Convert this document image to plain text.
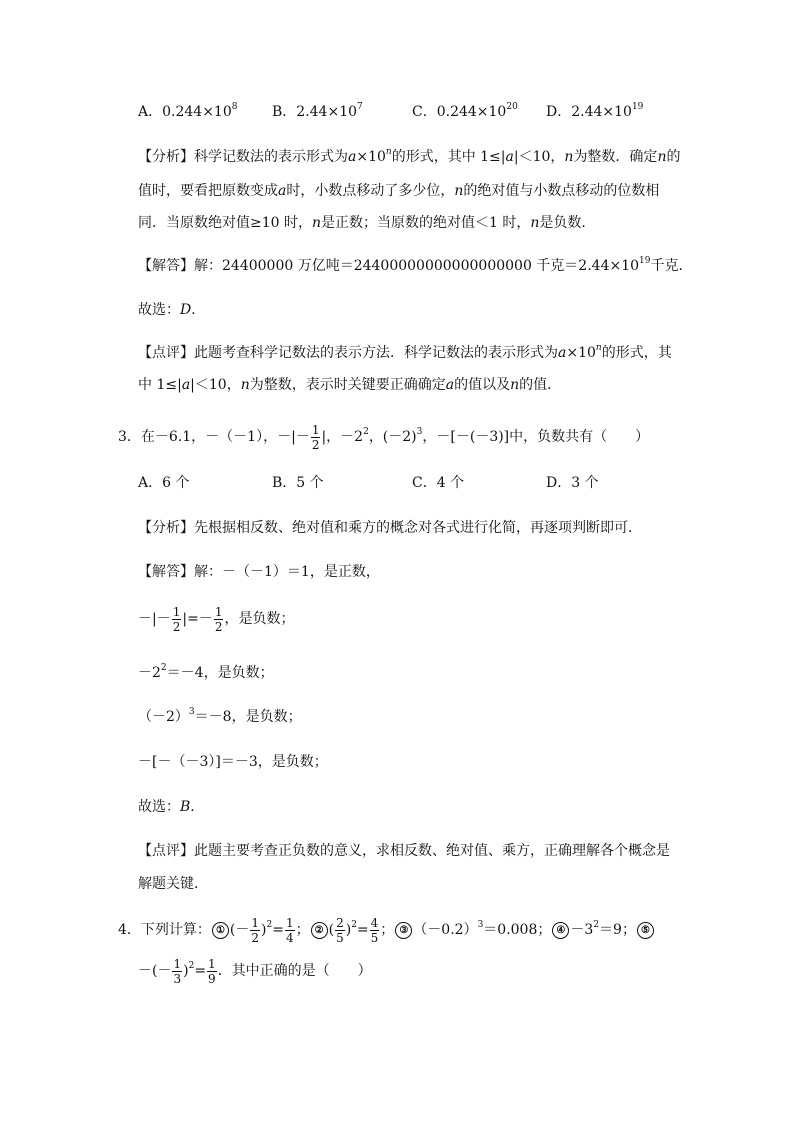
A．$0.244\times 10^8$ B．$2.44\times 10^7$	C．$0.244\times 10^{20}$ D．$2.44\times 10^{19}$
【分析】科学记数法的表示形式为$a\times 10^n$的形式，其中 1≤|a|＜10，n为整数．确定n的
值时，要看把原数变成a时，小数点移动了多少位，n的绝对值与小数点移动的位数相
同．当原数绝对值≥10 时，n是正数；当原数的绝对值＜1 时，n是负数．
【解答】解：24400000 万亿吨＝24400000000000000000 千克$=2.44\times 10^{19}$千克．
故选：D．
【点评】此题考查科学记数法的表示方法．科学记数法的表示形式为$a\times 10^n$的形式，其
中 1≤|a|＜10，n为整数，表示时关键要正确确定a的值以及n的值．
3．在－6.1，－（－1），－|－ $\frac{1}{2}$ |，$-2^2$，$(-2)^3$，－[－(－3)]中，负数共有（　　）
A．6 个	B．5 个	C．4 个	D．3 个
【分析】先根据相反数、绝对值和乘方的概念对各式进行化简，再逐项判断即可．
【解答】解：－（－1）＝1，是正数，
－|－ $\frac{1}{2}$ |=－ $\frac{1}{2}$ ，是负数；
$-2^2=-4$，是负数；
$(-2)^3=-8$，是负数；
－[－（－3）]＝－3，是负数；
故选：B．
【点评】此题主要考查正负数的意义，求相反数、绝对值、乘方，正确理解各个概念是
解题关键．
4．下列计算： ① (－ $\frac{1}{2} )^2= \frac{1}{4}$ ； ② ( $\frac{2}{5} )^2= \frac{4}{5}$ ； ③ $(-0.2)^3=0.008$； ④ $-3^2=9$； ⑤
－(－ $\frac{1}{3} )^2= \frac{1}{9}$ ．其中正确的是（　　）
